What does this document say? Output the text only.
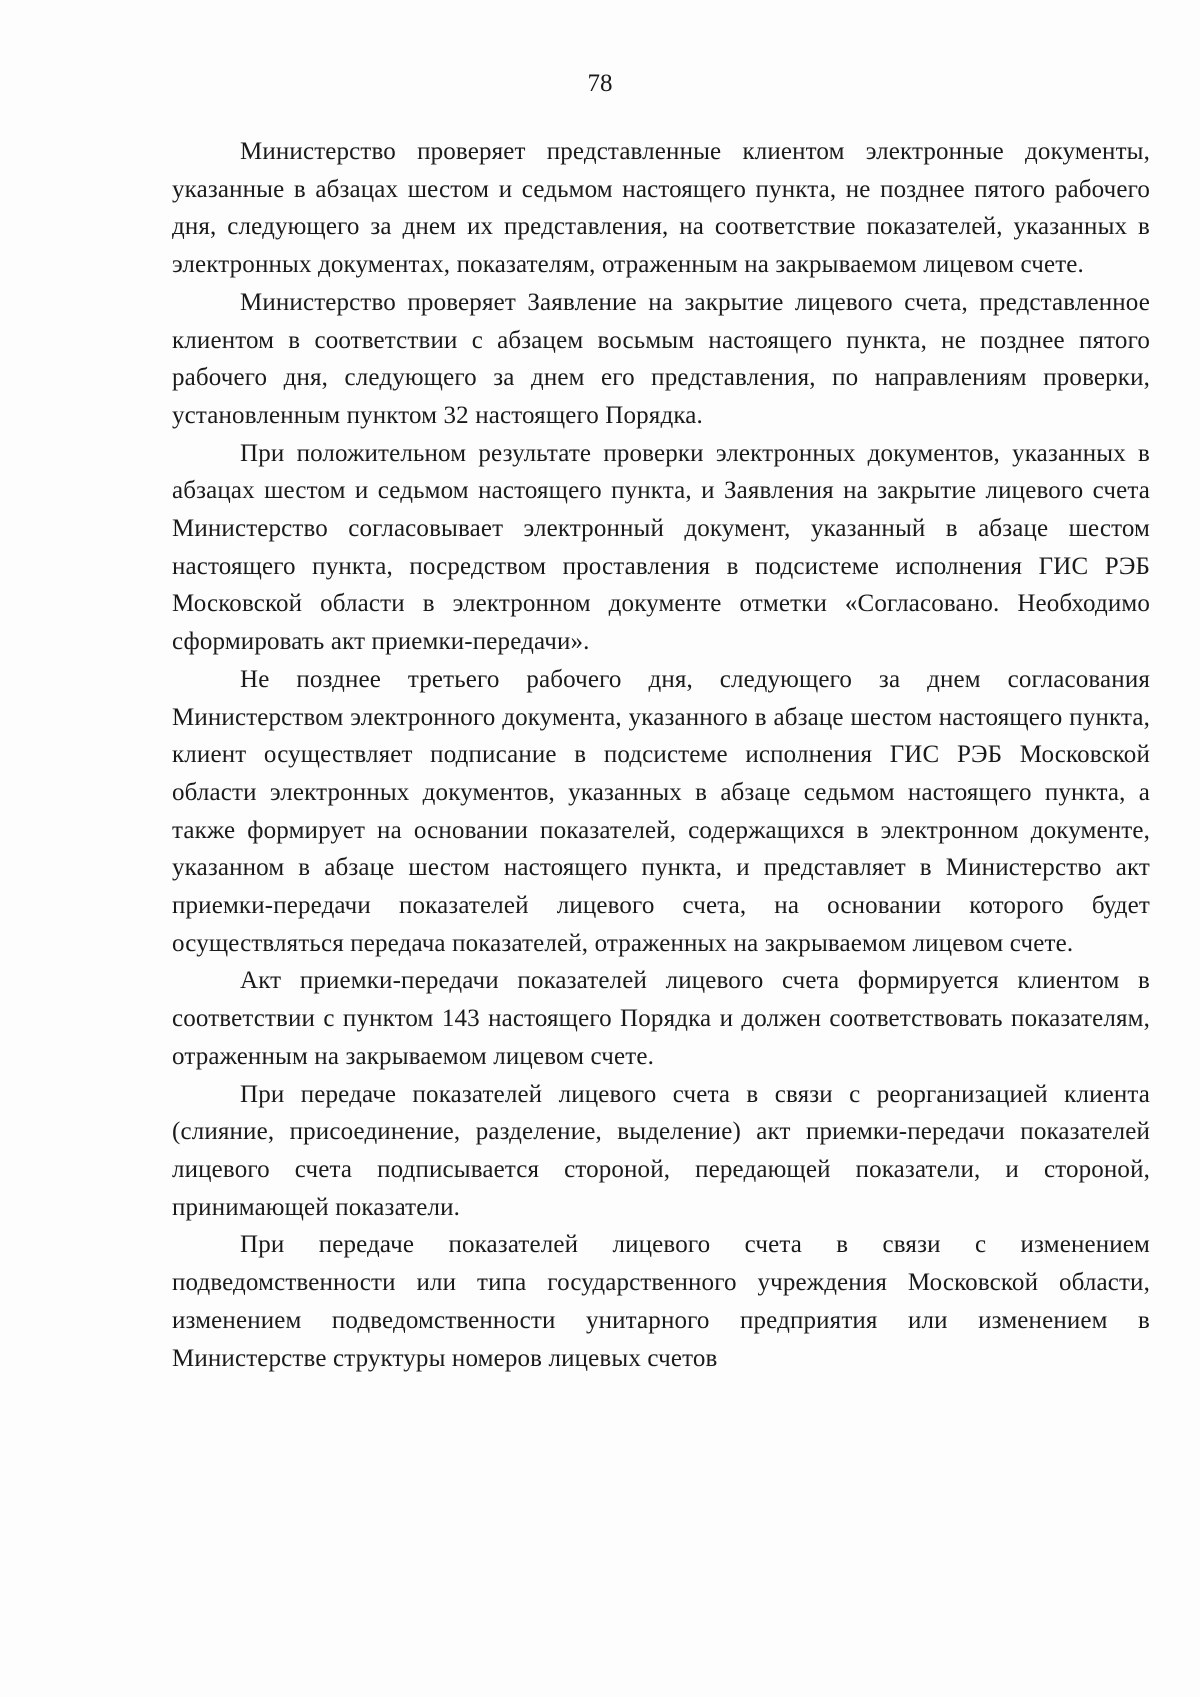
78

Министерство проверяет представленные клиентом электронные документы, указанные в абзацах шестом и седьмом настоящего пункта, не позднее пятого рабочего дня, следующего за днем их представления, на соответствие показателей, указанных в электронных документах, показателям, отраженным на закрываемом лицевом счете.

Министерство проверяет Заявление на закрытие лицевого счета, представленное клиентом в соответствии с абзацем восьмым настоящего пункта, не позднее пятого рабочего дня, следующего за днем его представления, по направлениям проверки, установленным пунктом 32 настоящего Порядка.

При положительном результате проверки электронных документов, указанных в абзацах шестом и седьмом настоящего пункта, и Заявления на закрытие лицевого счета Министерство согласовывает электронный документ, указанный в абзаце шестом настоящего пункта, посредством проставления в подсистеме исполнения ГИС РЭБ Московской области в электронном документе отметки «Согласовано. Необходимо сформировать акт приемки-передачи».

Не позднее третьего рабочего дня, следующего за днем согласования Министерством электронного документа, указанного в абзаце шестом настоящего пункта, клиент осуществляет подписание в подсистеме исполнения ГИС РЭБ Московской области электронных документов, указанных в абзаце седьмом настоящего пункта, а также формирует на основании показателей, содержащихся в электронном документе, указанном в абзаце шестом настоящего пункта, и представляет в Министерство акт приемки-передачи показателей лицевого счета, на основании которого будет осуществляться передача показателей, отраженных на закрываемом лицевом счете.

Акт приемки-передачи показателей лицевого счета формируется клиентом в соответствии с пунктом 143 настоящего Порядка и должен соответствовать показателям, отраженным на закрываемом лицевом счете.

При передаче показателей лицевого счета в связи с реорганизацией клиента (слияние, присоединение, разделение, выделение) акт приемки-передачи показателей лицевого счета подписывается стороной, передающей показатели, и стороной, принимающей показатели.

При передаче показателей лицевого счета в связи с изменением подведомственности или типа государственного учреждения Московской области, изменением подведомственности унитарного предприятия или изменением в Министерстве структуры номеров лицевых счетов
